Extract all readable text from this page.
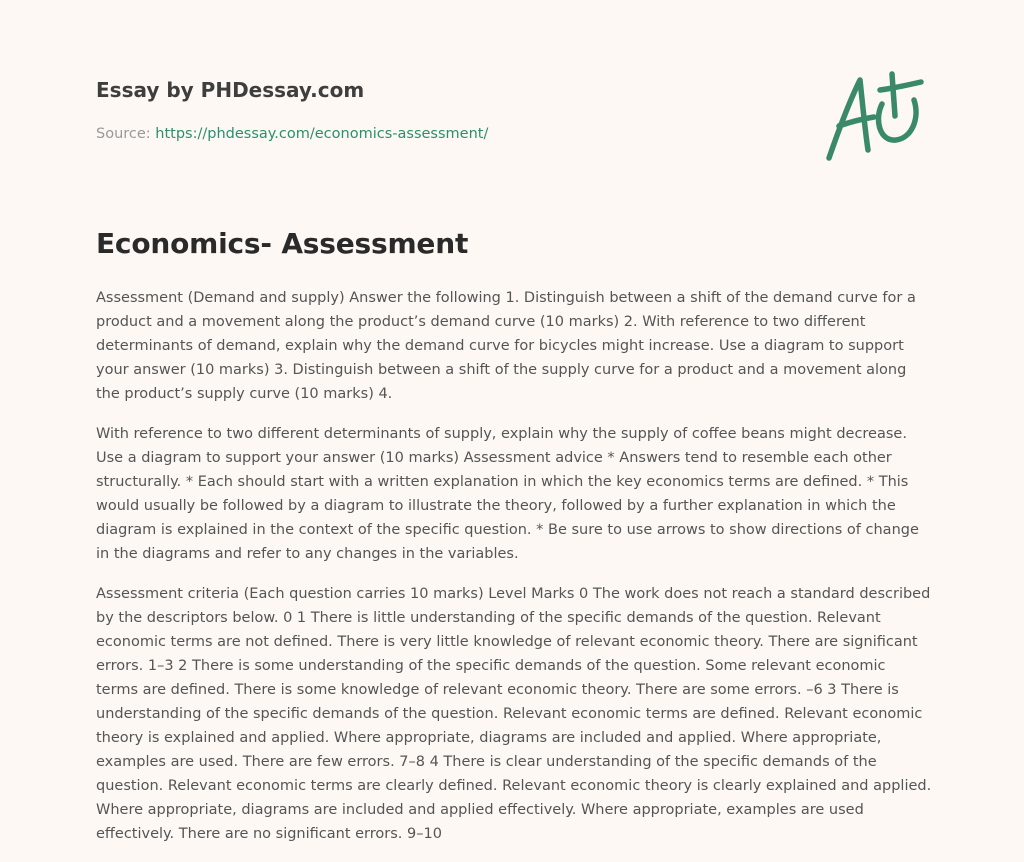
Essay by PHDessay.com
Source: https://phdessay.com/economics-assessment/
Economics- Assessment

Assessment (Demand and supply) Answer the following 1. Distinguish between a shift of the demand curve for a product and a movement along the product’s demand curve (10 marks) 2. With reference to two different determinants of demand, explain why the demand curve for bicycles might increase. Use a diagram to support your answer (10 marks) 3. Distinguish between a shift of the supply curve for a product and a movement along the product’s supply curve (10 marks) 4.

With reference to two different determinants of supply, explain why the supply of coffee beans might decrease. Use a diagram to support your answer (10 marks) Assessment advice * Answers tend to resemble each other structurally. * Each should start with a written explanation in which the key economics terms are defined. * This would usually be followed by a diagram to illustrate the theory, followed by a further explanation in which the diagram is explained in the context of the specific question. * Be sure to use arrows to show directions of change in the diagrams and refer to any changes in the variables.

Assessment criteria (Each question carries 10 marks) Level Marks 0 The work does not reach a standard described by the descriptors below. 0 1 There is little understanding of the specific demands of the question. Relevant economic terms are not defined. There is very little knowledge of relevant economic theory. There are significant errors. 1–3 2 There is some understanding of the specific demands of the question. Some relevant economic terms are defined. There is some knowledge of relevant economic theory. There are some errors. –6 3 There is understanding of the specific demands of the question. Relevant economic terms are defined. Relevant economic theory is explained and applied. Where appropriate, diagrams are included and applied. Where appropriate, examples are used. There are few errors. 7–8 4 There is clear understanding of the specific demands of the question. Relevant economic terms are clearly defined. Relevant economic theory is clearly explained and applied. Where appropriate, diagrams are included and applied effectively. Where appropriate, examples are used effectively. There are no significant errors. 9–10
